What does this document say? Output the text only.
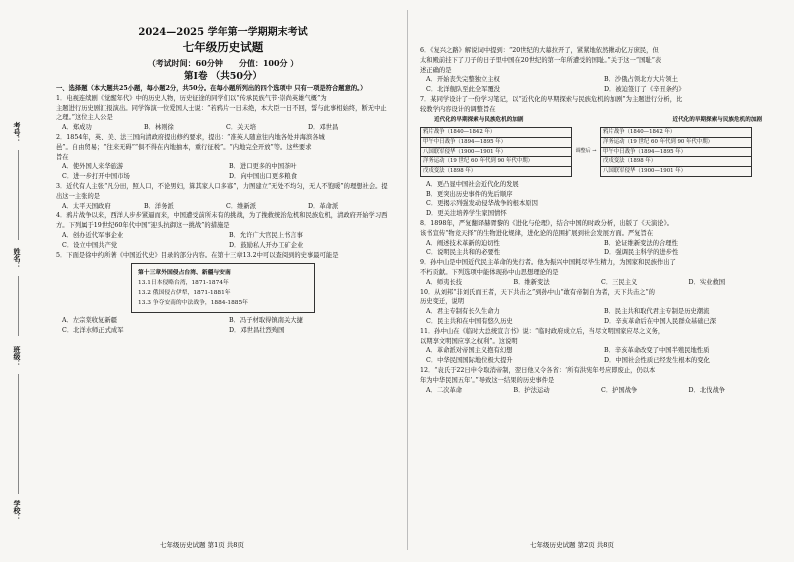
考号：
姓名：
班级：
学校：

2024—2025 学年第一学期期末考试

七年级历史试题

（考试时间：60分钟　　分值：100分 ）

第Ⅰ卷 （共50分）

一、选择题（本大题共25小题，每小题2分，共50分。在每小题所列出的四个选项中 只有一项是符合题意的。）

1．电视连续剧《觉醒年代》中的历史人物，历史征途的同学们以“传承民族气节·崇尚英雄气概”为

主题进行历史剧汇报演出。同学饰演一位爱国人士说：“若鸦片一日未绝，本大臣一日不回，誓与此事相始终，断无中止之理。”这位主人公是

A．郑成功	B．林则徐	C．关天培	D．邓世昌

2．1854年，英、美、法三国向清政府提出修约要求，提出：“准英人随意往内地各处并海滨各城

邑”。自由贸易；“往来无碍”“俱不得在内地抽本，重行征税”。“内地完全开放”等。这些要求

旨在

A．使外国人来华旅游	B．进口更多的中国茶叶
C．进一步打开中国市场	D．向中国出口更多粮食

3．近代有人主张“凡分田，照人口，不论男妇，算其家人口多寡”，力图建立“无处不均匀，无人不饱暖”的理想社会。提出这一主张的是

A．太平天国政府	B．洋务派	C．维新派	D．革命派

4．鸦片战争以来，西洋人步步紧逼而来，中国遭受前所未有的挑战，为了挽救统治危机和民族危机，清政府开始学习西方。下列属于19世纪60年代中国“迎头抗御这一挑战”的措施是

A．创办近代军事企业	B．允许广大官民上书言事
C．设立中国共产党	D．鼓励私人开办工矿企业

5．下面是徐中约所著《中国近代史》目录的部分内容。在第十三章13.2中可以查阅到的史事最可能是

第十三章外国侵占台湾、新疆与安南

13.1日本侵略台湾，1871-1874年

13.2 俄国侵占伊犁，1871-1881年

13.3 争夺安南的中法战争，1884-1885年

A．左宗棠收复新疆	B．冯子材取得镇南关大捷
C．北洋水师正式成军	D．邓世昌壮烈殉国
七年级历史试题 第1页 共8页

6．《复兴之路》解说词中提到：“20世纪的大幕拉开了，紧紧地依然揪动亿万庶民，但

太和殿前挂下了刀子的日子里中国在20世纪的第一年所遭受的国耻。”关于这一“国耻”表

述正确的是

A．开始丧失完整独立主权	B．沙俄占领北方大片领土
C．北洋舰队至此全军覆没	D．被迫签订了《辛丑条约》

7．某同学设计了一份学习笔记，以“近代化的早期探索与民族危机的加剧”为主题进行分析，比

较教学内容设计的调整旨在

近代化的早期探索与民族危机的加剧	近代化的早期探索与民族危机的加剧
鸦片战争（1840—1842 年）
甲午中日战争（1894—1895 年）
八国联军侵华（1900—1901 年）
洋务运动（19 世纪 60 年代到 90 年代中期）
戊戌变法（1898 年）
调整后 →
鸦片战争（1840—1842 年）
洋务运动（19 世纪 60 年代到 90 年代中期）
甲午中日战争（1894—1895 年）
戊戌变法（1898 年）
八国联军侵华（1900—1901 年）

A．更凸显中国社会近代化的发展

B．更突出历史事件的先后顺序

C．更揭示列强发动侵华战争的根本原因

D．更关注培养学生家国情怀

8．1898年，严复翻译赫胥黎的《进化与伦理》，结合中国的时政分析，出版了《天演论》。

该书宣传“物竞天择”的生物进化规律，进化论的范围扩展到社会发展方面。严复旨在

A．阐述技术革新的迫切性	B．论证维新变法的合理性
C．说明民主共和的必要性	D．强调民主科学的进步性

9．孙中山是中国近代民主革命的先行者。他为振兴中国耗尽毕生精力，为国家和民族作出了

不朽贡献。下列选项中能体现孙中山思想理论的是

A．师夷长技	B．维新变法	C．三民主义	D．实业救国

10．从刘邦“非刘氏而王者，天下共击之”到孙中山“敢有帝制自为者，天下共击之”的

历史变迁，说明

A．君主专制有长久生命力	B．民主共和取代君主专制是历史潮流
C．民主共和在中国有悠久历史	D．辛亥革命后在中国人民群众基础已深

11．孙中山在《临时大总统宣言书》说：“临时政府成立后，当尽文明国家应尽之义务，

以期享文明国应享之权利”。这说明

A．革命派对帝国主义抱有幻想	B．辛亥革命改变了中国半殖民地性质
C．中华民国国际地位极大提升	D．中国社会性质已经发生根本的变化

12．“袁氏于22日申令取消帝制，翌日他又令各省：‘所有洪宪年号应即废止，仍以本

年为中华民国五年’。”导致这一结果的历史事件是

A．二次革命	B．护法运动	C．护国战争	D．北伐战争
七年级历史试题 第2页 共8页
